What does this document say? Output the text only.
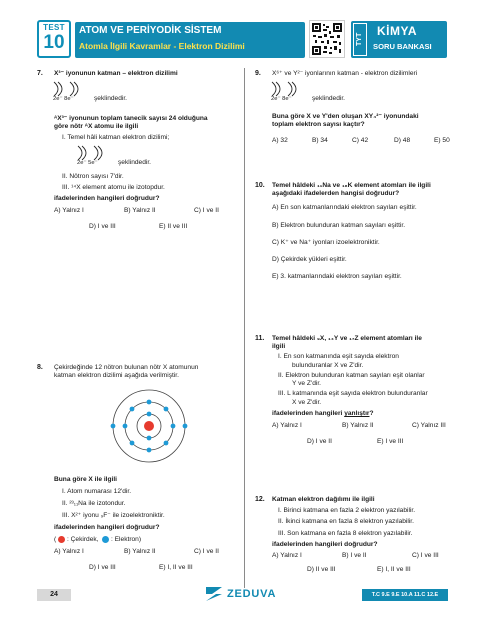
TEST
10
ATOM VE PERİYODİK SİSTEM
Atomla İlgili Kavramlar - Elektron Dizilimi	TYT
KİMYA
SORU BANKASI
7. X³⁻ iyonunun katman – elektron dizilimi
2e⁻ 8e⁻	şeklindedir.
ᴬX³⁻ iyonunun toplam tanecik sayısı 24 olduğuna
göre nötr ᴬX atomu ile ilgili
I. Temel hâli katman elektron dizilimi;
2e⁻ 5e⁻	şeklindedir.
II. Nötron sayısı 7'dir.
III. ¹⁴X element atomu ile izotopdur.
ifadelerinden hangileri doğrudur?
A) Yalnız I	B) Yalnız II	C) I ve II
D) I ve III	E) II ve III
8. Çekirdeğinde 12 nötron bulunan nötr X atomunun
katman elektron dizilimi aşağıda verilmiştir.
Buna göre X ile ilgili
I. Atom numarası 12'dir.
II. ²³₁₁Na ile izotondur.
III. X²⁺ iyonu ₉F⁻ ile izoelektroniktir.
ifadelerinden hangileri doğrudur?
( : Çekirdek, : Elektron)
A) Yalnız I	B) Yalnız II	C) I ve II
D) I ve III	E) I, II ve III
9. X⁶⁺ ve Y²⁻ iyonlarının katman - elektron dizilimleri
2e⁻ 8e⁻	şeklindedir.
Buna göre X ve Y'den oluşan XY₄²⁻ iyonundaki
toplam elektron sayısı kaçtır?
A) 32	B) 34	C) 42	D) 48	E) 50
10. Temel hâldeki ₁₁Na ve ₁₈K element atomları ile ilgili
aşağıdaki ifadelerden hangisi doğrudur?
A) En son katmanlarındaki elektron sayıları eşittir.
B) Elektron bulunduran katman sayıları eşittir.
C) K⁺ ve Na⁺ iyonları izoelektroniktir.
D) Çekirdek yükleri eşittir.
E) 3. katmanlarındaki elektron sayıları eşittir.
11. Temel hâldeki ₉X, ₁₄Y ve ₁₇Z element atomları ile
ilgili
I. En son katmanında eşit sayıda elektron
bulunduranlar X ve Z'dir.
II. Elektron bulunduran katman sayıları eşit olanlar
Y ve Z'dir.
III. L katmanında eşit sayıda elektron bulunduranlar
X ve Z'dir.
ifadelerinden hangileri yanlıştır?
A) Yalnız I	B) Yalnız II	C) Yalnız III
D) I ve II	E) I ve III
12. Katman elektron dağılımı ile ilgili
I. Birinci katmana en fazla 2 elektron yazılabilir.
II. İkinci katmana en fazla 8 elektron yazılabilir.
III. Son katmana en fazla 8 elektron yazılabilir.
ifadelerinden hangileri doğrudur?
A) Yalnız I	B) I ve II	C) I ve III
D) II ve III	E) I, II ve III
24	ZEDUVA	T.C 9.E 9.E 10.A 11.C 12.E
